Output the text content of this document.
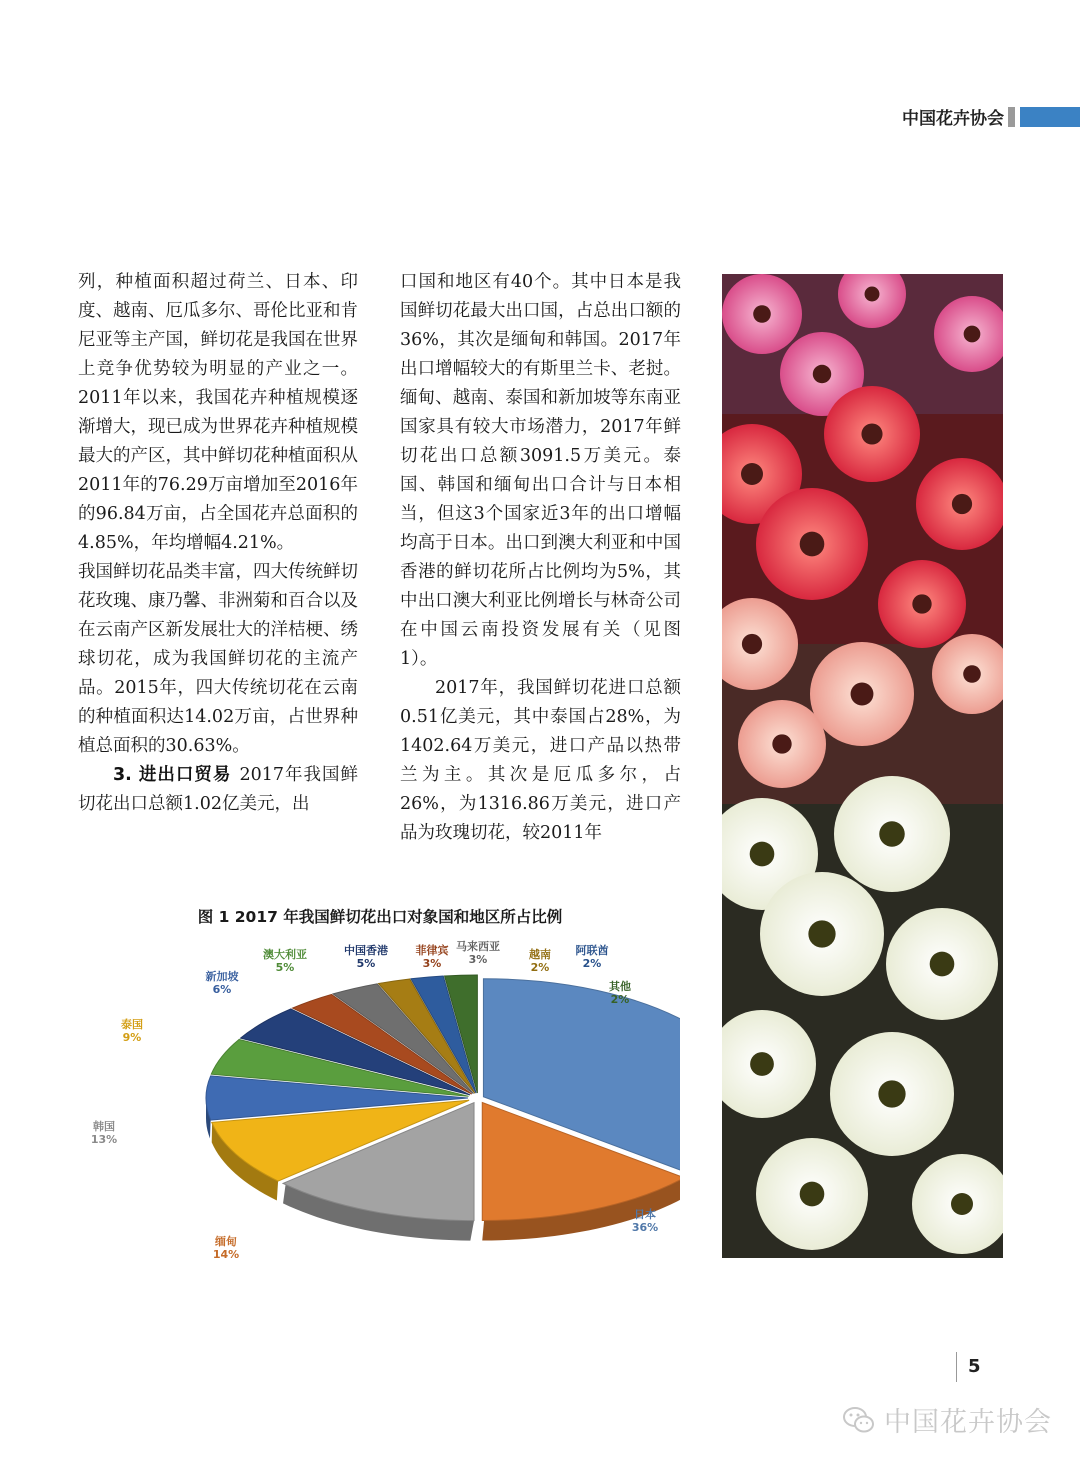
中国花卉协会

列，种植面积超过荷兰、日本、印度、越南、厄瓜多尔、哥伦比亚和肯尼亚等主产国，鲜切花是我国在世界上竞争优势较为明显的产业之一。2011年以来，我国花卉种植规模逐渐增大，现已成为世界花卉种植规模最大的产区，其中鲜切花种植面积从2011年的76.29万亩增加至2016年的96.84万亩，占全国花卉总面积的4.85%，年均增幅4.21%。

我国鲜切花品类丰富，四大传统鲜切花玫瑰、康乃馨、非洲菊和百合以及在云南产区新发展壮大的洋桔梗、绣球切花，成为我国鲜切花的主流产品。2015年，四大传统切花在云南的种植面积达14.02万亩，占世界种植总面积的30.63%。

3. 进出口贸易 2017年我国鲜切花出口总额1.02亿美元，出

口国和地区有40个。其中日本是我国鲜切花最大出口国，占总出口额的36%，其次是缅甸和韩国。2017年出口增幅较大的有斯里兰卡、老挝。缅甸、越南、泰国和新加坡等东南亚国家具有较大市场潜力，2017年鲜切花出口总额3091.5万美元。泰国、韩国和缅甸出口合计与日本相当，但这3个国家近3年的出口增幅均高于日本。出口到澳大利亚和中国香港的鲜切花所占比例均为5%，其中出口澳大利亚比例增长与林奇公司在中国云南投资发展有关（见图1）。

2017年，我国鲜切花进口总额0.51亿美元，其中泰国占28%，为1402.64万美元，进口产品以热带兰为主。其次是厄瓜多尔，占26%，为1316.86万美元，进口产品为玫瑰切花，较2011年

图 1 2017 年我国鲜切花出口对象国和地区所占比例
日本
36%
缅甸
14%
韩国
13%
泰国
9%
新加坡
6%
澳大利亚
5%
中国香港
5%
菲律宾
3%
马来西亚
3%	越南
2%
阿联酋
2%
其他
2%
5
中国花卉协会
